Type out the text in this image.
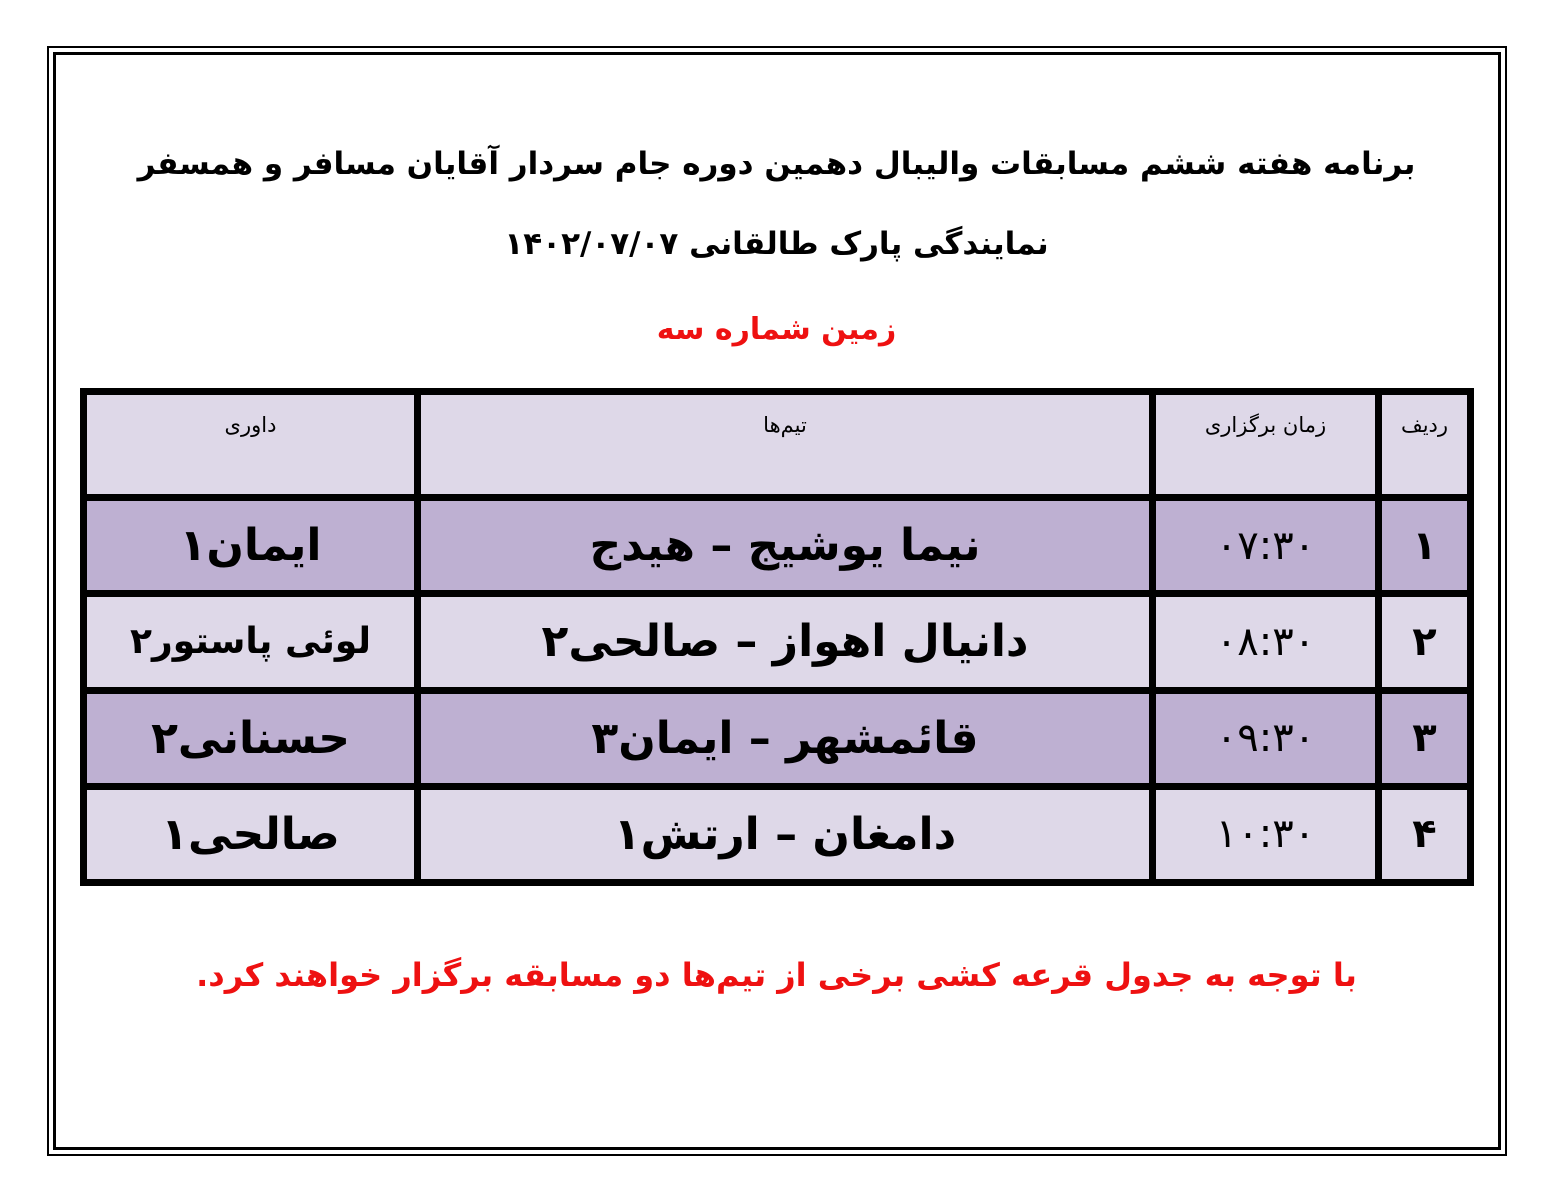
برنامه هفته ششم مسابقات والیبال دهمین دوره جام سردار آقایان مسافر و همسفر
نمایندگی پارک طالقانی ۱۴۰۲/۰۷/۰۷
زمین شماره سه
ردیف	زمان برگزاری	تیم‌ها	داوری
۱	۰۷:۳۰	نیما یوشیج – هیدج	ایمان۱
۲	۰۸:۳۰	دانیال اهواز – صالحی۲	لوئی پاستور۲
۳	۰۹:۳۰	قائمشهر – ایمان۳	حسنانی۲
۴	۱۰:۳۰	دامغان – ارتش۱	صالحی۱
با توجه به جدول قرعه کشی برخی از تیم‌ها دو مسابقه برگزار خواهند کرد.
